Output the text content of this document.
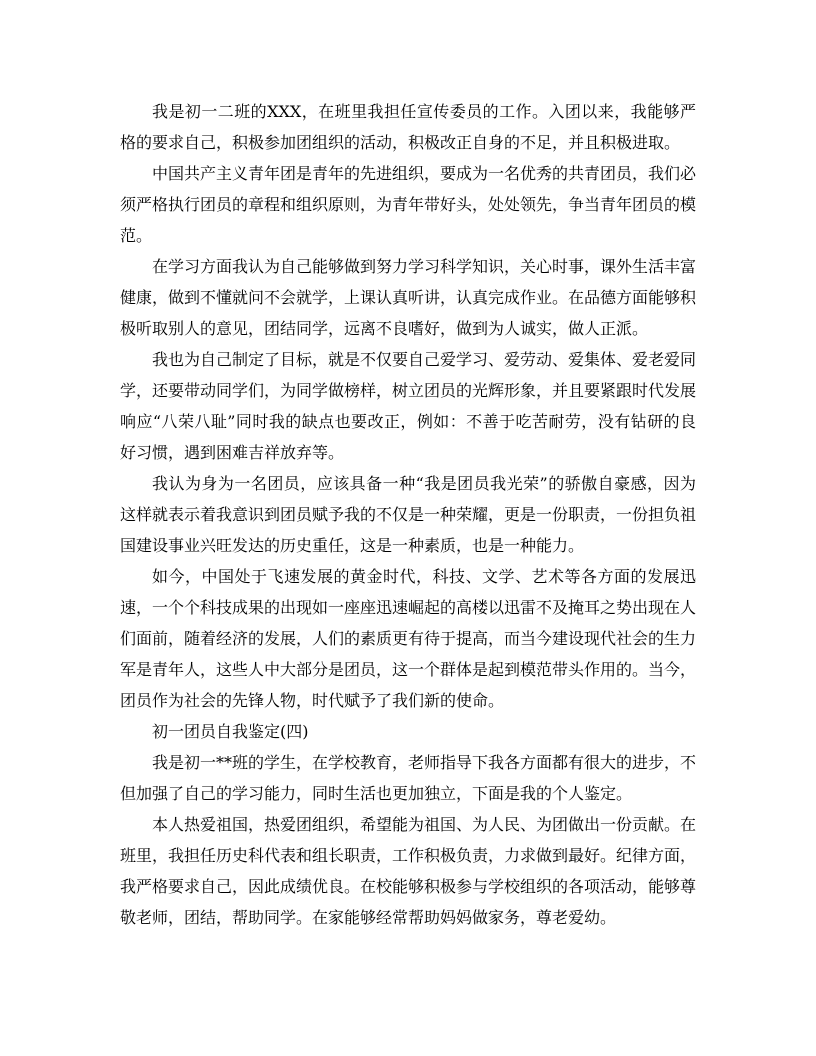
我是初一二班的XXX，在班里我担任宣传委员的工作。入团以来，我能够严格的要求自己，积极参加团组织的活动，积极改正自身的不足，并且积极进取。

中国共产主义青年团是青年的先进组织，要成为一名优秀的共青团员，我们必须严格执行团员的章程和组织原则，为青年带好头，处处领先，争当青年团员的模范。

在学习方面我认为自己能够做到努力学习科学知识，关心时事，课外生活丰富健康，做到不懂就问不会就学，上课认真听讲，认真完成作业。在品德方面能够积极听取别人的意见，团结同学，远离不良嗜好，做到为人诚实，做人正派。

我也为自己制定了目标，就是不仅要自己爱学习、爱劳动、爱集体、爱老爱同学，还要带动同学们，为同学做榜样，树立团员的光辉形象，并且要紧跟时代发展响应“八荣八耻”同时我的缺点也要改正，例如：不善于吃苦耐劳，没有钻研的良好习惯，遇到困难吉祥放弃等。

我认为身为一名团员，应该具备一种“我是团员我光荣”的骄傲自豪感，因为这样就表示着我意识到团员赋予我的不仅是一种荣耀，更是一份职责，一份担负祖国建设事业兴旺发达的历史重任，这是一种素质，也是一种能力。

如今，中国处于飞速发展的黄金时代，科技、文学、艺术等各方面的发展迅速，一个个科技成果的出现如一座座迅速崛起的高楼以迅雷不及掩耳之势出现在人们面前，随着经济的发展，人们的素质更有待于提高，而当今建设现代社会的生力军是青年人，这些人中大部分是团员，这一个群体是起到模范带头作用的。当今，团员作为社会的先锋人物，时代赋予了我们新的使命。

初一团员自我鉴定(四)

我是初一**班的学生，在学校教育，老师指导下我各方面都有很大的进步，不但加强了自己的学习能力，同时生活也更加独立，下面是我的个人鉴定。

本人热爱祖国，热爱团组织，希望能为祖国、为人民、为团做出一份贡献。在班里，我担任历史科代表和组长职责，工作积极负责，力求做到最好。纪律方面，我严格要求自己，因此成绩优良。在校能够积极参与学校组织的各项活动，能够尊敬老师，团结，帮助同学。在家能够经常帮助妈妈做家务，尊老爱幼。
